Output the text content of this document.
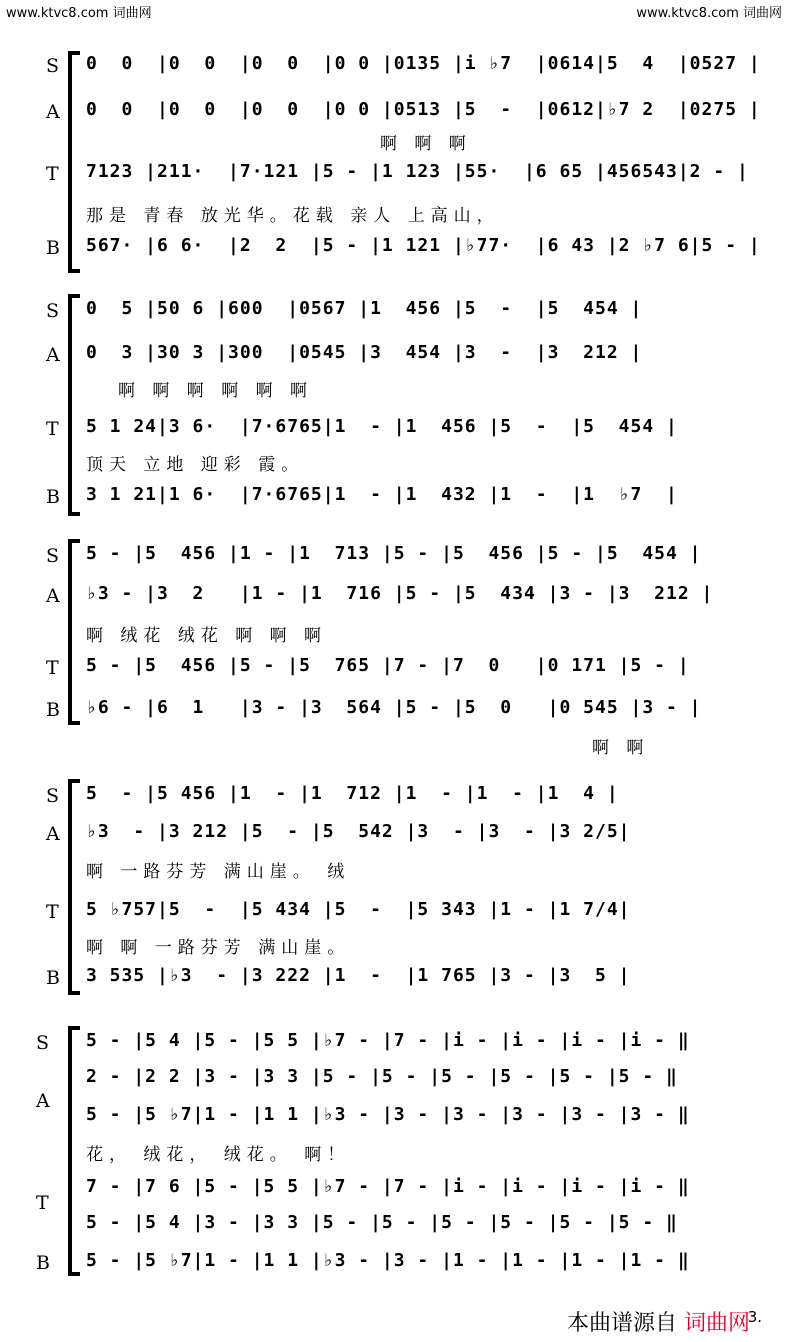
www.ktvc8.com 词曲网	www.ktvc8.com 词曲网
S 0  0  |0  0  |0  0  |0 0 |0135 |i ♭7  |0614|5  4  |0527 |
A 0  0  |0  0  |0  0  |0 0 |0513 |5  -  |0612|♭7 2  |0275 |
啊 啊 啊
T 7123 |211·  |7·121 |5 - |1 123 |55·  |6 65 |456543|2 - |
那是 青春 放光华。花载 亲人 上高山，
B 567· |6 6·  |2  2  |5 - |1 121 |♭77·  |6 43 |2 ♭7 6|5 - |
S 0  5 |50 6 |600  |0567 |1  456 |5  -  |5  454 |
A 0  3 |30 3 |300  |0545 |3  454 |3  -  |3  212 |
啊 啊 啊 啊 啊 啊
T 5 1 24|3 6·  |7·6765|1  - |1  456 |5  -  |5  454 |
顶天 立地 迎彩 霞。
B 3 1 21|1 6·  |7·6765|1  - |1  432 |1  -  |1  ♭7  |
S 5 - |5  456 |1 - |1  713 |5 - |5  456 |5 - |5  454 |
A ♭3 - |3  2   |1 - |1  716 |5 - |5  434 |3 - |3  212 |
啊 绒花 绒花 啊 啊 啊
T 5 - |5  456 |5 - |5  765 |7 - |7  0   |0 171 |5 - |
B ♭6 - |6  1   |3 - |3  564 |5 - |5  0   |0 545 |3 - |
啊 啊
S 5  - |5 456 |1  - |1  712 |1  - |1  - |1  4 |
A ♭3  - |3 212 |5  - |5  542 |3  - |3  - |3 2/5|
啊 一路芬芳 满山崖。 绒
T 5 ♭757|5  -  |5 434 |5  -  |5 343 |1 - |1 7/4|
啊 啊 一路芬芳 满山崖。
B 3 535 |♭3  - |3 222 |1  -  |1 765 |3 - |3  5 |
S 5 - |5 4 |5 - |5 5 |♭7 - |7 - |i - |i - |i - |i - ‖
A
2 - |2 2 |3 - |3 3 |5 - |5 - |5 - |5 - |5 - |5 - ‖
5 - |5 ♭7|1 - |1 1 |♭3 - |3 - |3 - |3 - |3 - |3 - ‖
花， 绒花， 绒花。 啊！
T
7 - |7 6 |5 - |5 5 |♭7 - |7 - |i - |i - |i - |i - ‖
5 - |5 4 |3 - |3 3 |5 - |5 - |5 - |5 - |5 - |5 - ‖
B 5 - |5 ♭7|1 - |1 1 |♭3 - |3 - |1 - |1 - |1 - |1 - ‖
3.
本曲谱源自 词曲网
